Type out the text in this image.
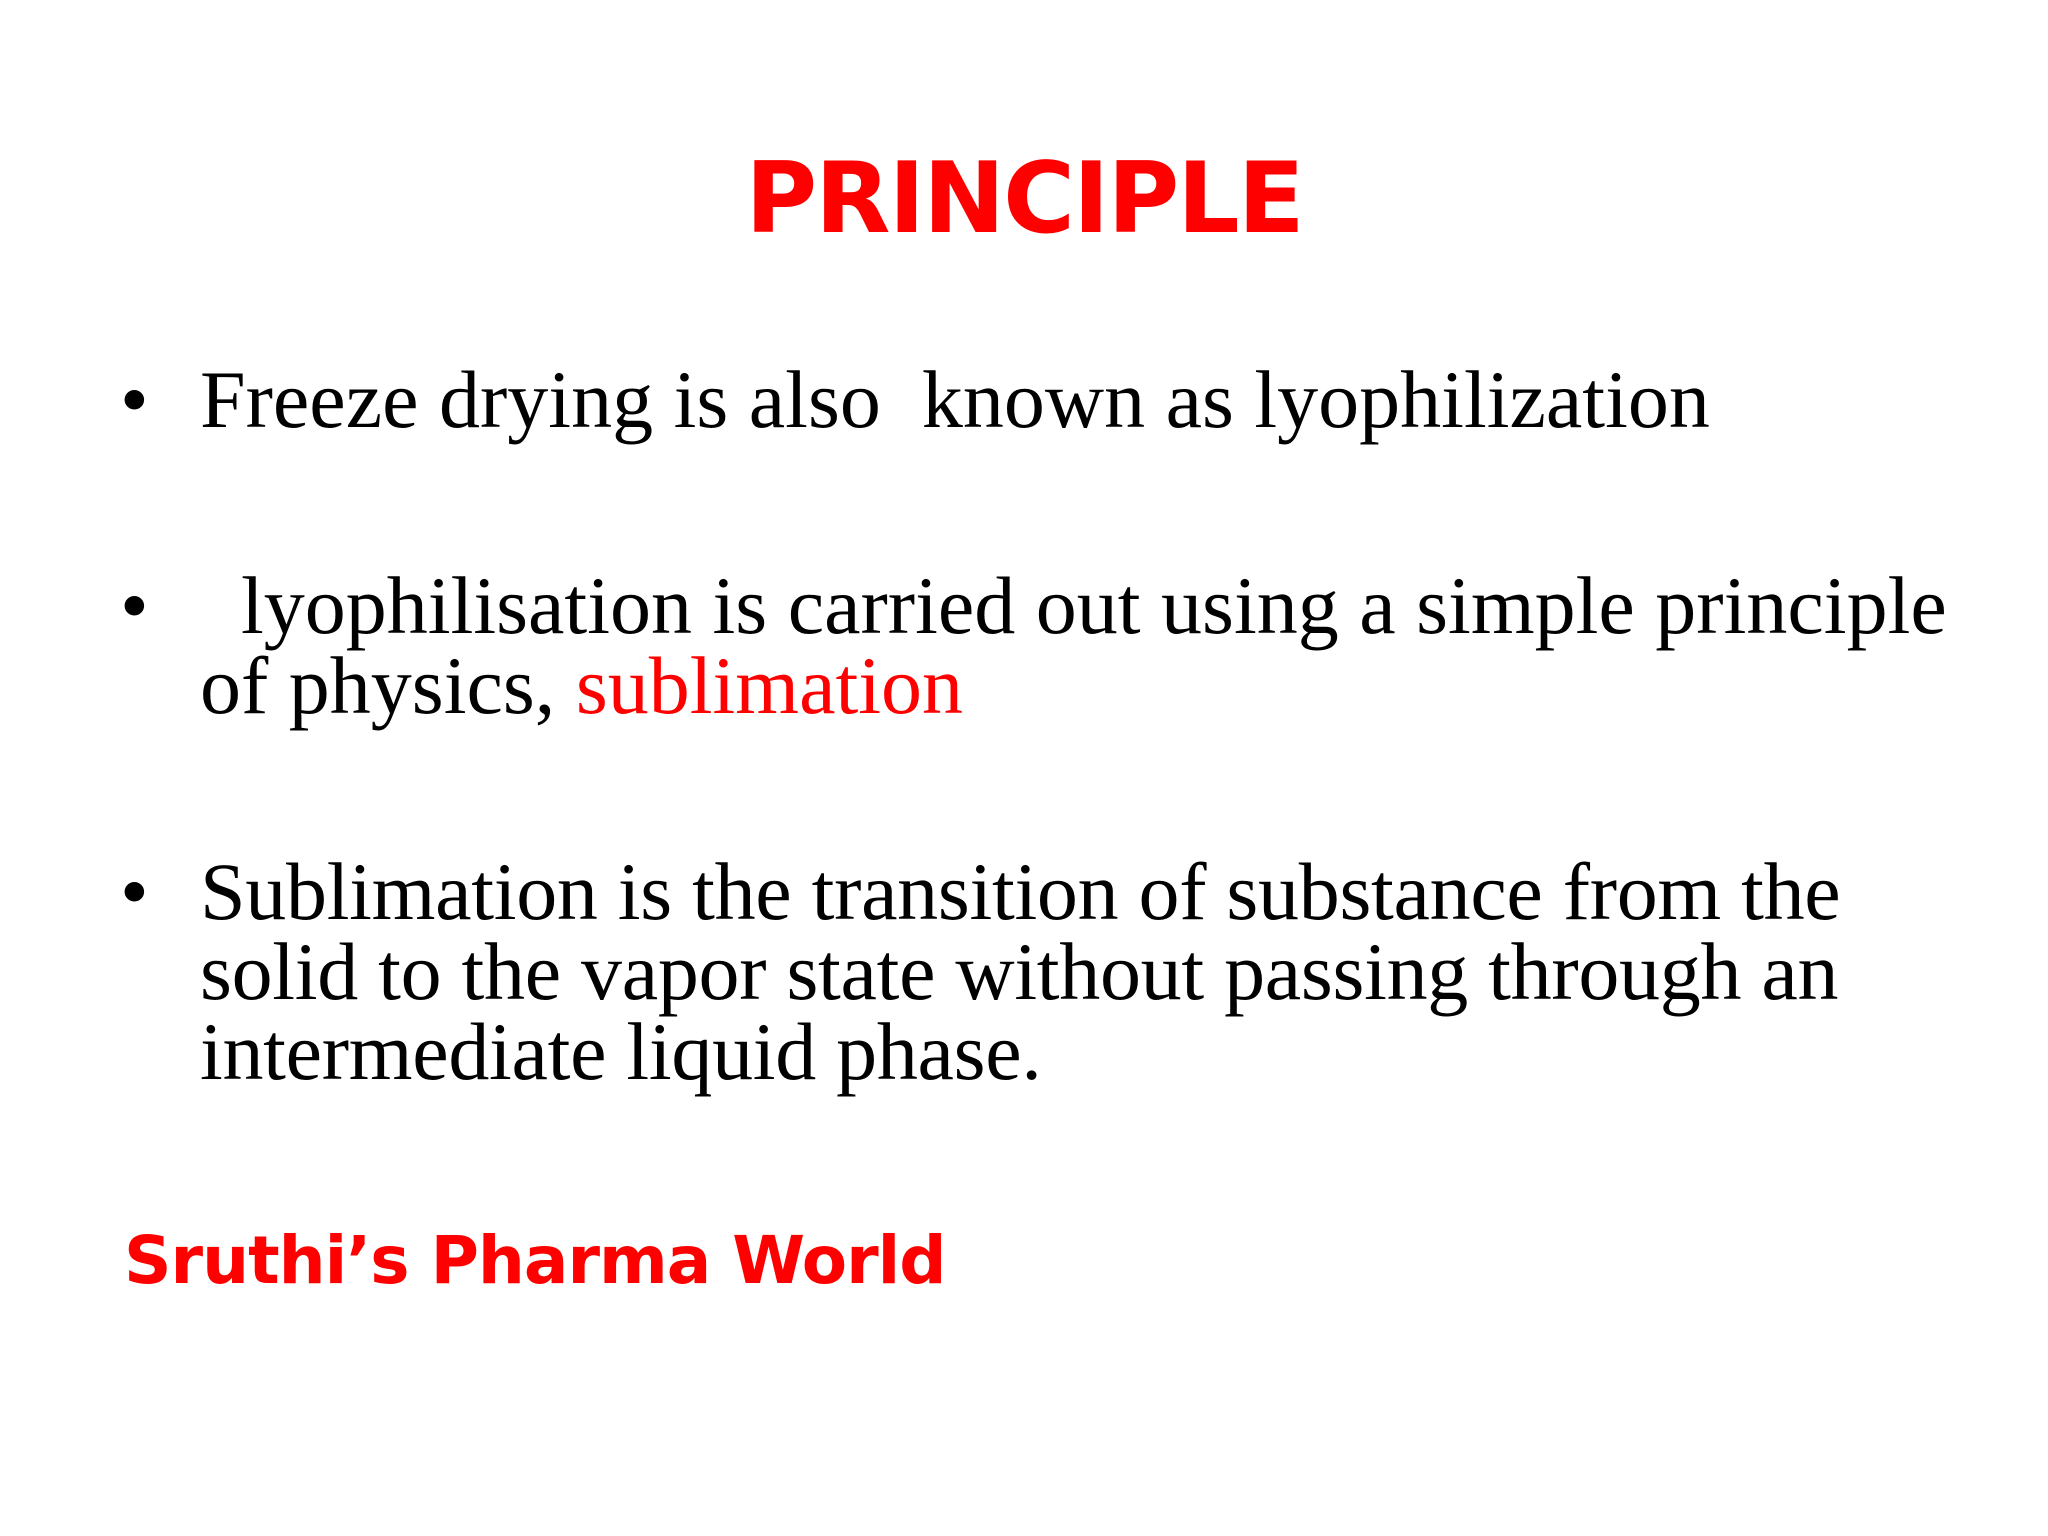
PRINCIPLE
• Freeze drying is also  known as lyophilization
• lyophilisation is carried out using a simple principle of physics, sublimation
• Sublimation is the transition of substance from the solid to the vapor state without passing through an intermediate liquid phase.
Sruthi’s Pharma World
